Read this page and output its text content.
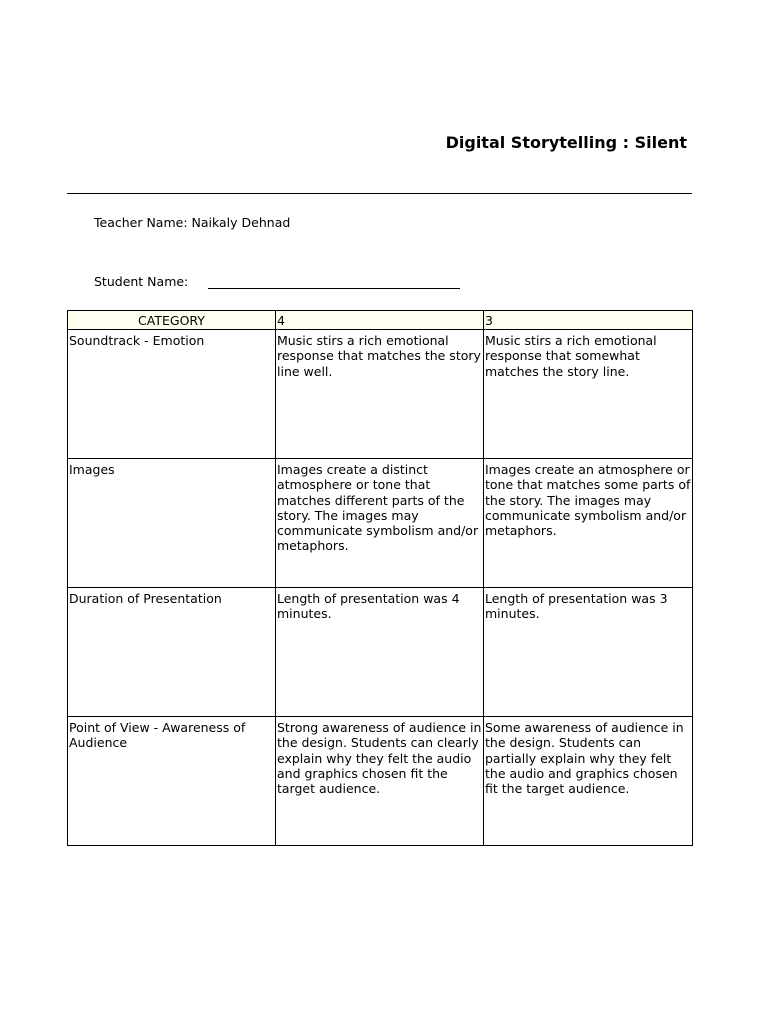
Digital Storytelling : Silent
Teacher Name: Naikaly Dehnad
Student Name:
CATEGORY	4	3
Soundtrack - Emotion	Music stirs a rich emotional response that matches the story line well.	Music stirs a rich emotional response that somewhat matches the story line.
Images	Images create a distinct atmosphere or tone that matches different parts of the story. The images may communicate symbolism and/or metaphors.	Images create an atmosphere or tone that matches some parts of the story. The images may communicate symbolism and/or metaphors.
Duration of Presentation	Length of presentation was 4 minutes.	Length of presentation was 3 minutes.
Point of View - Awareness of Audience	Strong awareness of audience in the design. Students can clearly explain why they felt the audio and graphics chosen fit the target audience.	Some awareness of audience in the design. Students can partially explain why they felt the audio and graphics chosen fit the target audience.
